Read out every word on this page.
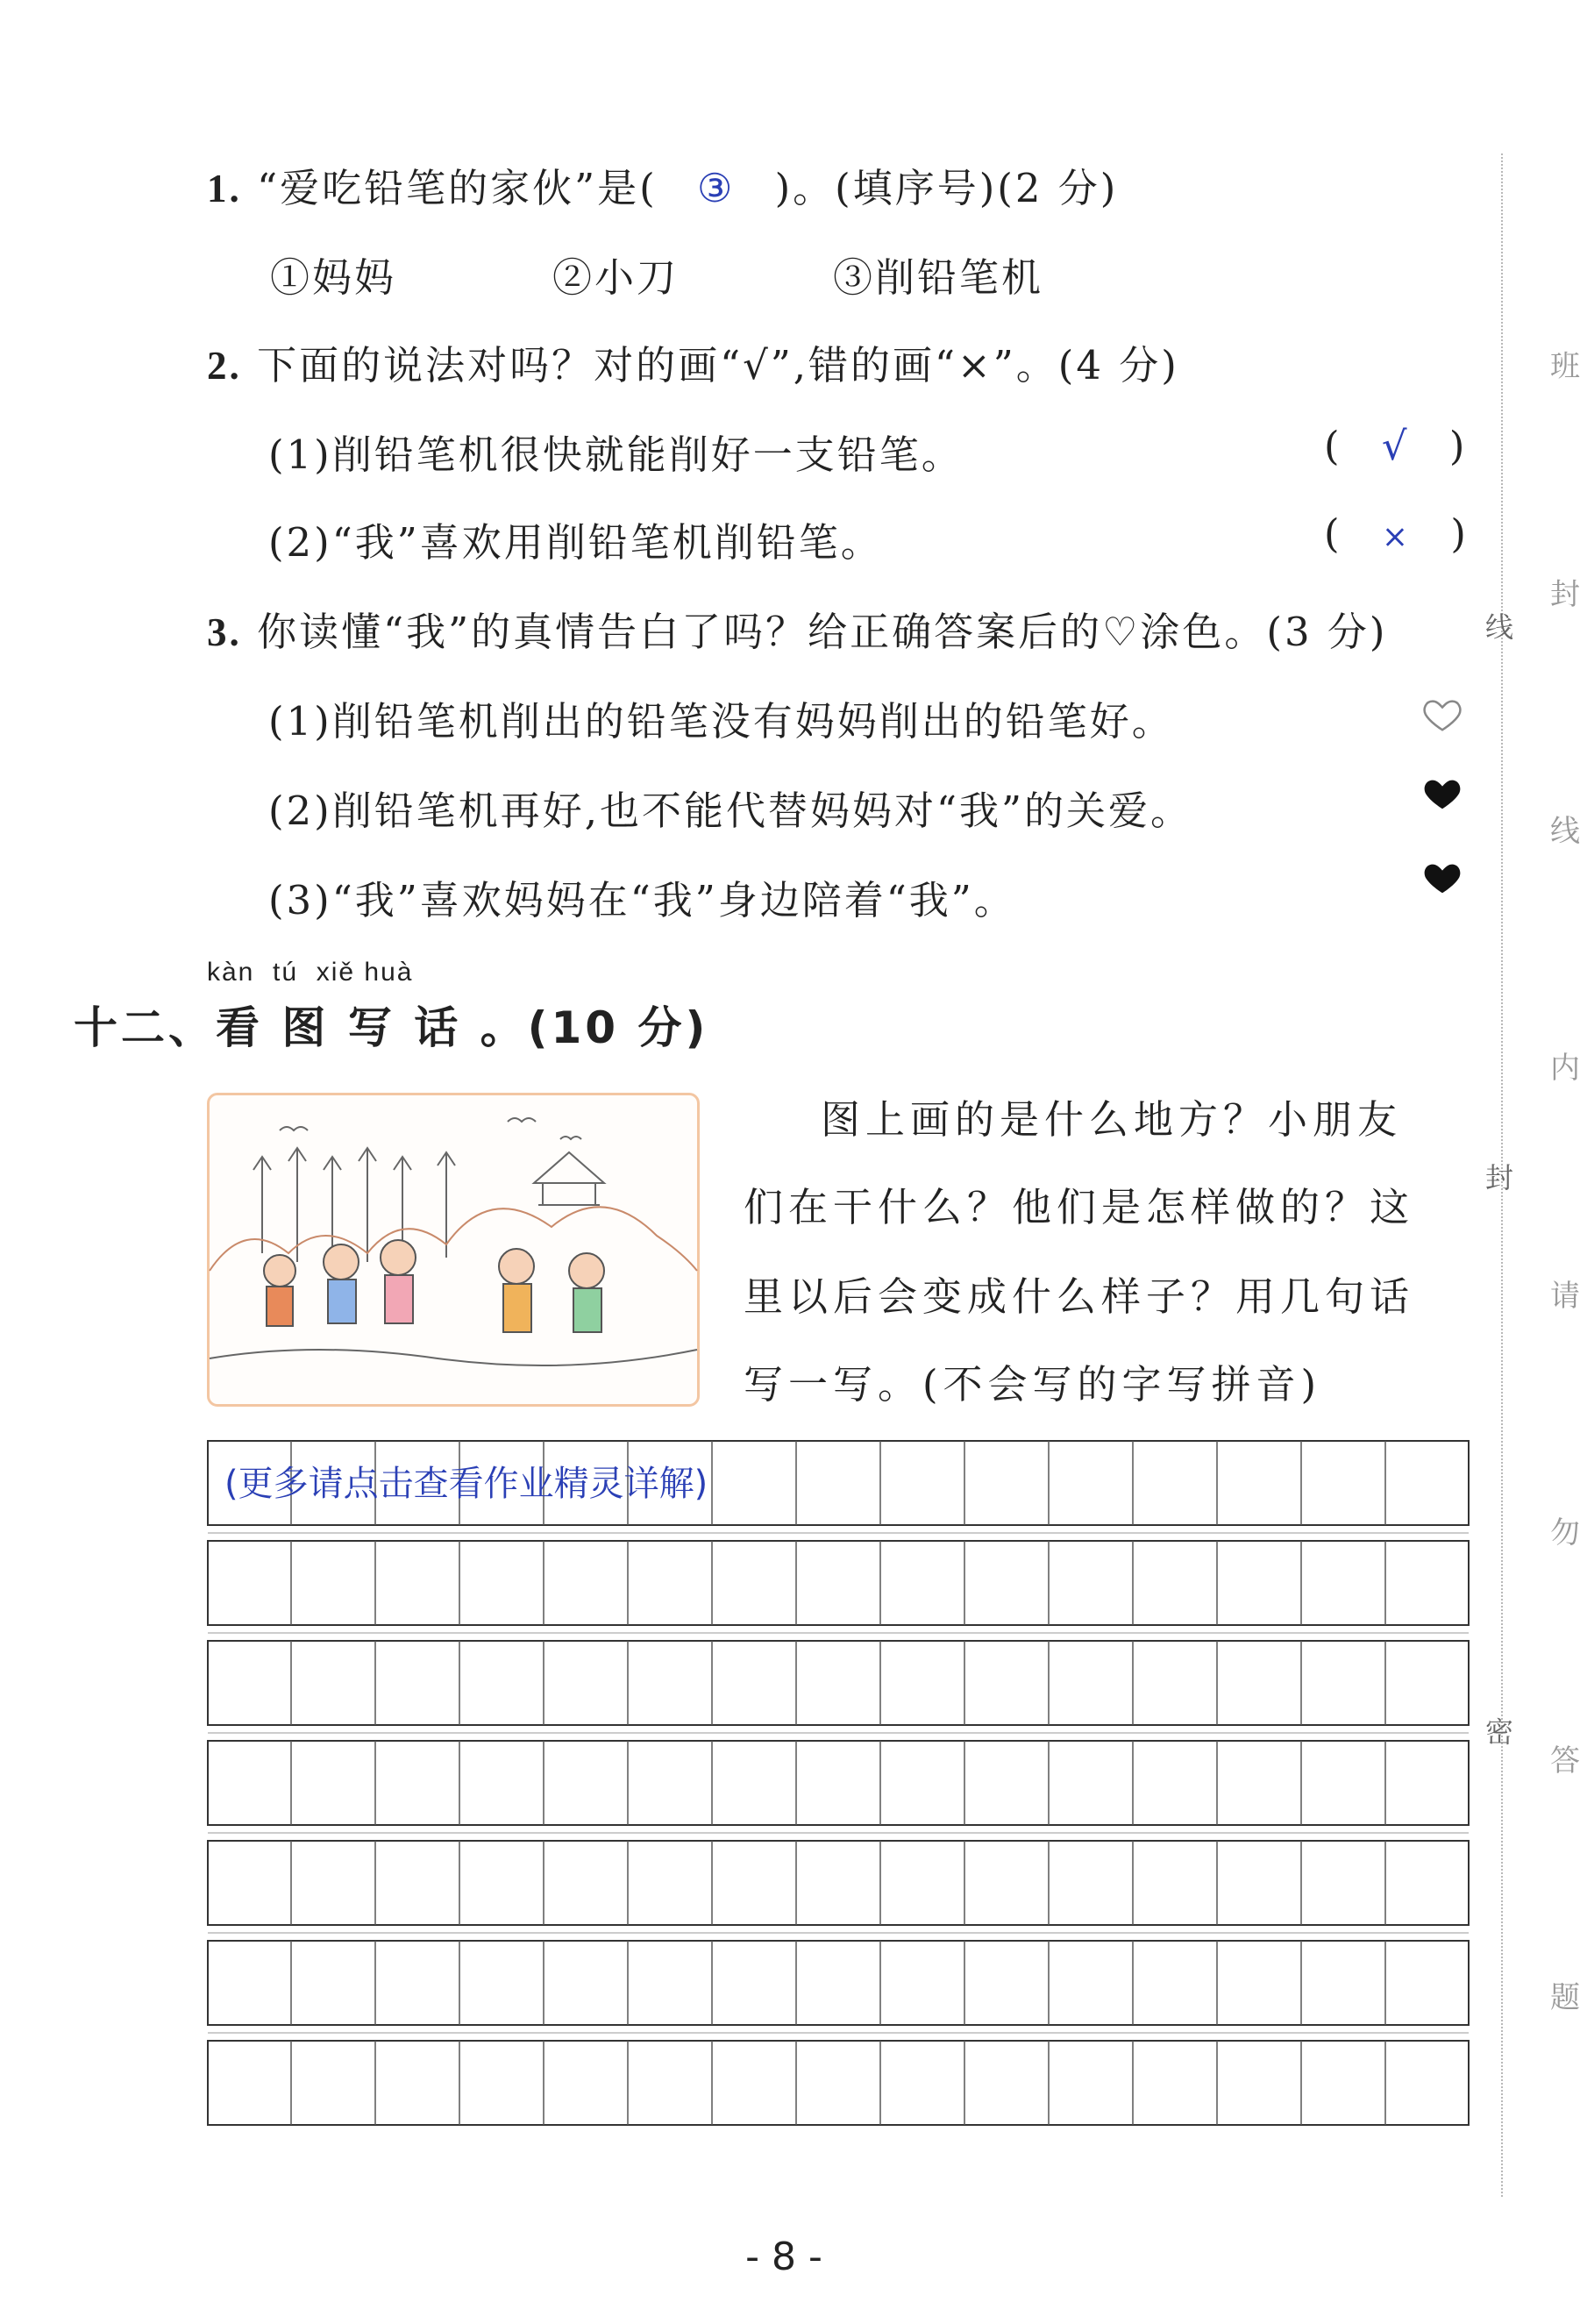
1. “爱吃铅笔的家伙”是( ③ )。(填序号)(2 分)
①妈妈	②小刀	③削铅笔机
2. 下面的说法对吗？对的画“√”,错的画“×”。(4 分)
(1)削铅笔机很快就能削好一支铅笔。	( √ )
(2)“我”喜欢用削铅笔机削铅笔。	( × )
3. 你读懂“我”的真情告白了吗？给正确答案后的♡涂色。(3 分)
(1)削铅笔机削出的铅笔没有妈妈削出的铅笔好。
(2)削铅笔机再好,也不能代替妈妈对“我”的关爱。
(3)“我”喜欢妈妈在“我”身边陪着“我”。
kàn  tú  xiě huà
十二、看 图 写 话 。(10 分)
图上画的是什么地方？小朋友
们在干什么？他们是怎样做的？这
里以后会变成什么样子？用几句话
写一写。(不会写的字写拼音)
(更多请点击查看作业精灵详解)
线
封
密
班
封
线
内
请
勿
答
题
- 8 -
